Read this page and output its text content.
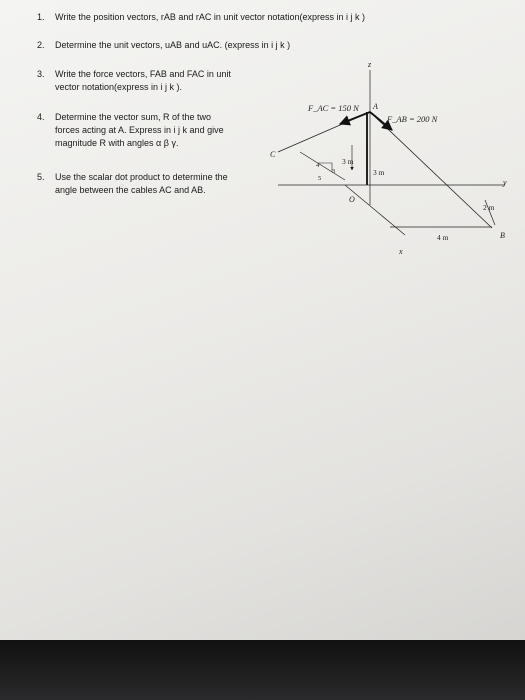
1. Write the position vectors, rAB and rAC in unit vector notation(express in i j k )
2. Determine the unit vectors, uAB and uAC. (express in i j k )
3. Write the force vectors, FAB and FAC in unit
vector notation(express in i j k ).
4. Determine the vector sum, R of the two
forces acting at A. Express in i j k and give
magnitude R with angles α β γ.
5. Use the scalar dot product to determine the
angle between the cables AC and AB.
F_AC = 150 N
F_AB = 200 N
A
B
C
O
x
y
z
3 m
3 m
2 m
4 m
4
3
5
